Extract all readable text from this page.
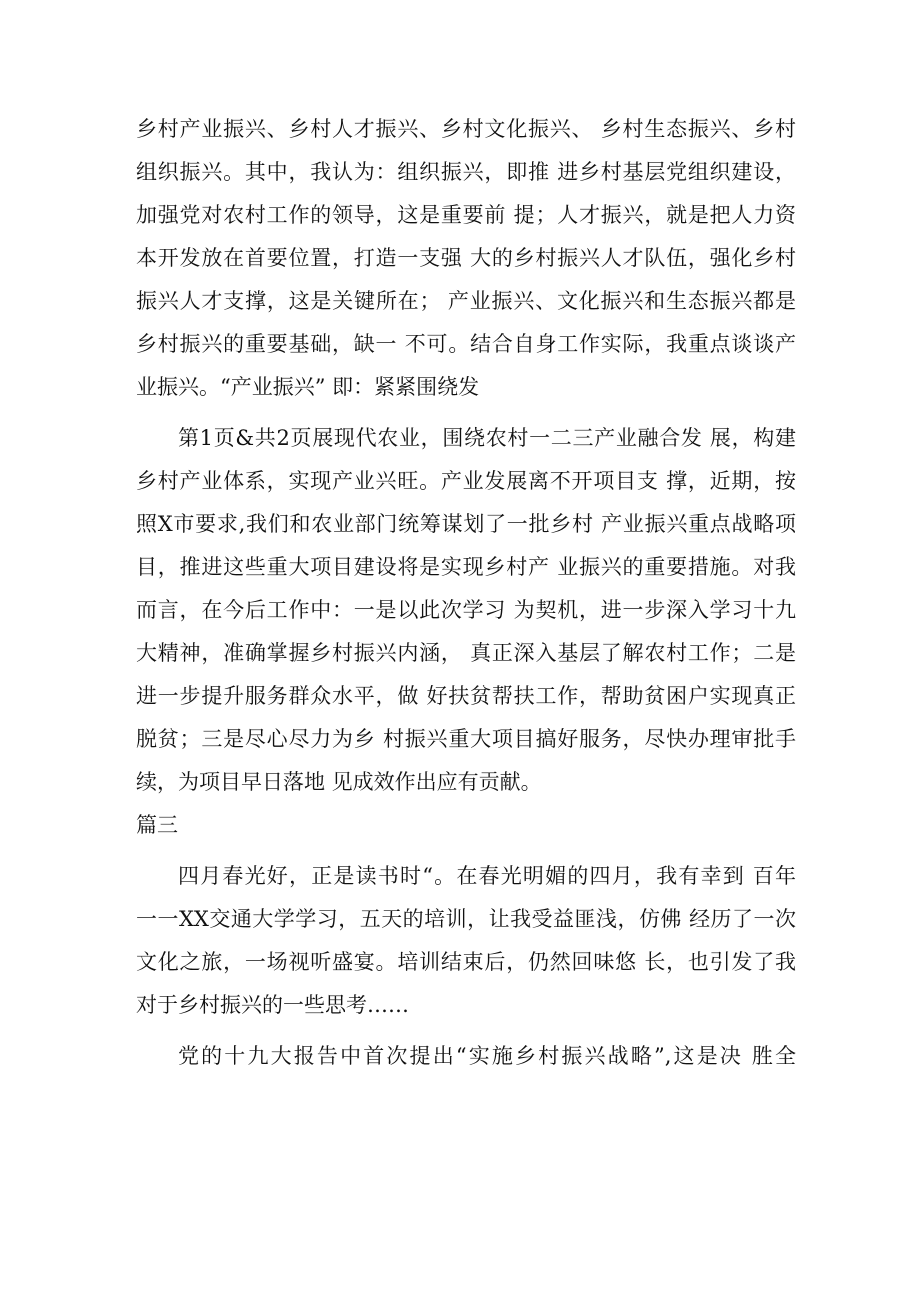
乡村产业振兴、乡村人才振兴、乡村文化振兴、 乡村生态振兴、乡村
组织振兴。其中，我认为：组织振兴，即推 进乡村基层党组织建设，
加强党对农村工作的领导，这是重要前 提；人才振兴，就是把人力资
本开发放在首要位置，打造一支强 大的乡村振兴人才队伍，强化乡村
振兴人才支撑，这是关键所在； 产业振兴、文化振兴和生态振兴都是
乡村振兴的重要基础，缺一 不可。结合自身工作实际，我重点谈谈产
业振兴。“产业振兴” 即：紧紧围绕发
第1页&共2页展现代农业，围绕农村一二三产业融合发 展，构建
乡村产业体系，实现产业兴旺。产业发展离不开项目支 撑，近期，按
照X市要求,我们和农业部门统筹谋划了一批乡村 产业振兴重点战略项
目，推进这些重大项目建设将是实现乡村产 业振兴的重要措施。对我
而言，在今后工作中：一是以此次学习 为契机，进一步深入学习十九
大精神，准确掌握乡村振兴内涵， 真正深入基层了解农村工作；二是
进一步提升服务群众水平，做 好扶贫帮扶工作，帮助贫困户实现真正
脱贫；三是尽心尽力为乡 村振兴重大项目搞好服务，尽快办理审批手
续，为项目早日落地 见成效作出应有贡献。
篇三
四月春光好，正是读书时“。在春光明媚的四月，我有幸到 百年
一一XX交通大学学习，五天的培训，让我受益匪浅，仿佛 经历了一次
文化之旅，一场视听盛宴。培训结束后，仍然回味悠 长，也引发了我
对于乡村振兴的一些思考……
党的十九大报告中首次提出“实施乡村振兴战略”,这是决 胜全
